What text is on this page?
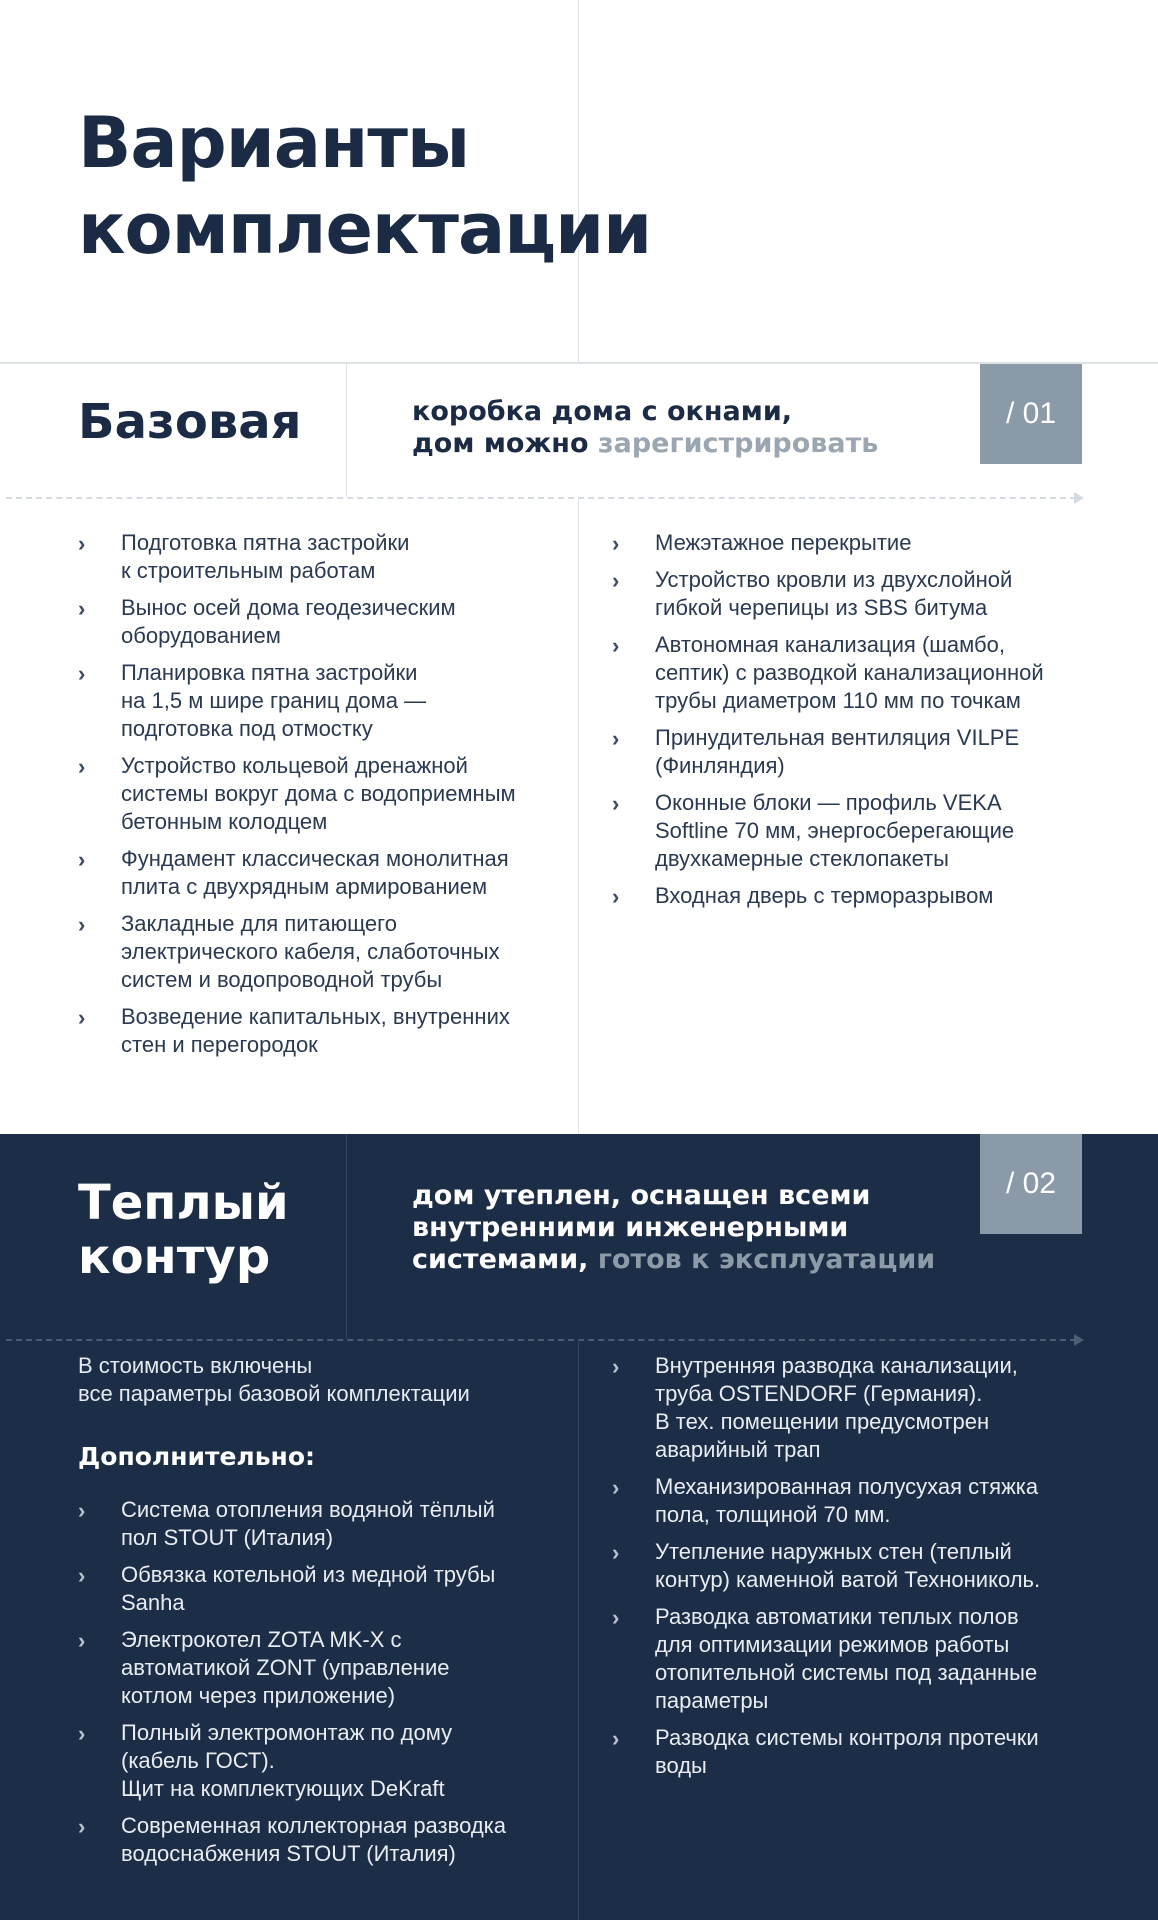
Варианты
комплектации
Базовая	коробка дома с окнами,
дом можно зарегистрировать
/ 01
› Подготовка пятна застройки
к строительным работам
› Вынос осей дома геодезическим
оборудованием
› Планировка пятна застройки
на 1,5 м шире границ дома —
подготовка под отмостку
› Устройство кольцевой дренажной
системы вокруг дома с водоприемным
бетонным колодцем
› Фундамент классическая монолитная
плита с двухрядным армированием
› Закладные для питающего
электрического кабеля, слаботочных
систем и водопроводной трубы
› Возведение капитальных, внутренних
стен и перегородок
› Межэтажное перекрытие
› Устройство кровли из двухслойной
гибкой черепицы из SBS битума
› Автономная канализация (шамбо,
септик) с разводкой канализационной
трубы диаметром 110 мм по точкам
› Принудительная вентиляция VILPE
(Финляндия)
› Оконные блоки — профиль VEKA
Softline 70 мм, энергосберегающие
двухкамерные стеклопакеты
› Входная дверь с терморазрывом
Теплый
контур
дом утеплен, оснащен всеми
внутренними инженерными
системами, готов к эксплуатации
/ 02
В стоимость включены
все параметры базовой комплектации
Дополнительно:
› Система отопления водяной тёплый
пол STOUT (Италия)
› Обвязка котельной из медной трубы
Sanha
› Электрокотел ZOTA MK-X с
автоматикой ZONT (управление
котлом через приложение)
› Полный электромонтаж по дому
(кабель ГОСТ).
Щит на комплектующих DeKraft
› Современная коллекторная разводка
водоснабжения STOUT (Италия)
› Внутренняя разводка канализации,
труба OSTENDORF (Германия).
В тех. помещении предусмотрен
аварийный трап
› Механизированная полусухая стяжка
пола, толщиной 70 мм.
› Утепление наружных стен (теплый
контур) каменной ватой Технониколь.
› Разводка автоматики теплых полов
для оптимизации режимов работы
отопительной системы под заданные
параметры
› Разводка системы контроля протечки
воды
